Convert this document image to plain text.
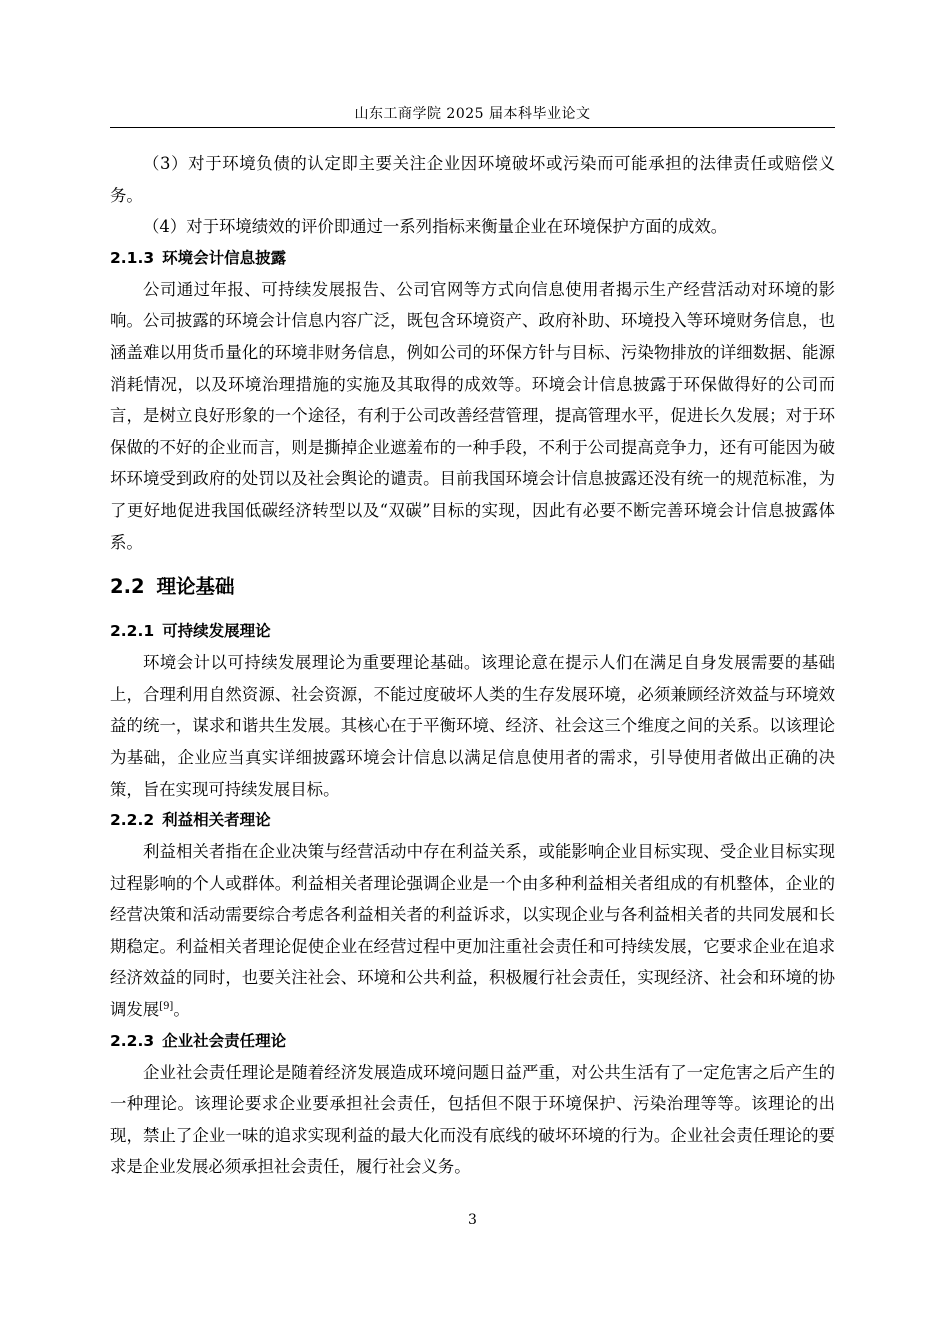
山东工商学院 2025 届本科毕业论文

（3）对于环境负债的认定即主要关注企业因环境破坏或污染而可能承担的法律责任或赔偿义务。

（4）对于环境绩效的评价即通过一系列指标来衡量企业在环境保护方面的成效。

2.1.3 环境会计信息披露

公司通过年报、可持续发展报告、公司官网等方式向信息使用者揭示生产经营活动对环境的影响。公司披露的环境会计信息内容广泛，既包含环境资产、政府补助、环境投入等环境财务信息，也涵盖难以用货币量化的环境非财务信息，例如公司的环保方针与目标、污染物排放的详细数据、能源消耗情况，以及环境治理措施的实施及其取得的成效等。环境会计信息披露于环保做得好的公司而言，是树立良好形象的一个途径，有利于公司改善经营管理，提高管理水平，促进长久发展；对于环保做的不好的企业而言，则是撕掉企业遮羞布的一种手段，不利于公司提高竞争力，还有可能因为破坏环境受到政府的处罚以及社会舆论的谴责。目前我国环境会计信息披露还没有统一的规范标准，为了更好地促进我国低碳经济转型以及“双碳”目标的实现，因此有必要不断完善环境会计信息披露体系。

2.2 理论基础
2.2.1 可持续发展理论

环境会计以可持续发展理论为重要理论基础。该理论意在提示人们在满足自身发展需要的基础上，合理利用自然资源、社会资源，不能过度破坏人类的生存发展环境，必须兼顾经济效益与环境效益的统一，谋求和谐共生发展。其核心在于平衡环境、经济、社会这三个维度之间的关系。以该理论为基础，企业应当真实详细披露环境会计信息以满足信息使用者的需求，引导使用者做出正确的决策，旨在实现可持续发展目标。

2.2.2 利益相关者理论

利益相关者指在企业决策与经营活动中存在利益关系，或能影响企业目标实现、受企业目标实现过程影响的个人或群体。利益相关者理论强调企业是一个由多种利益相关者组成的有机整体，企业的经营决策和活动需要综合考虑各利益相关者的利益诉求，以实现企业与各利益相关者的共同发展和长期稳定。利益相关者理论促使企业在经营过程中更加注重社会责任和可持续发展，它要求企业在追求经济效益的同时，也要关注社会、环境和公共利益，积极履行社会责任，实现经济、社会和环境的协调发展[9]。

2.2.3 企业社会责任理论

企业社会责任理论是随着经济发展造成环境问题日益严重，对公共生活有了一定危害之后产生的一种理论。该理论要求企业要承担社会责任，包括但不限于环境保护、污染治理等等。该理论的出现，禁止了企业一味的追求实现利益的最大化而没有底线的破坏环境的行为。企业社会责任理论的要求是企业发展必须承担社会责任，履行社会义务。

3
